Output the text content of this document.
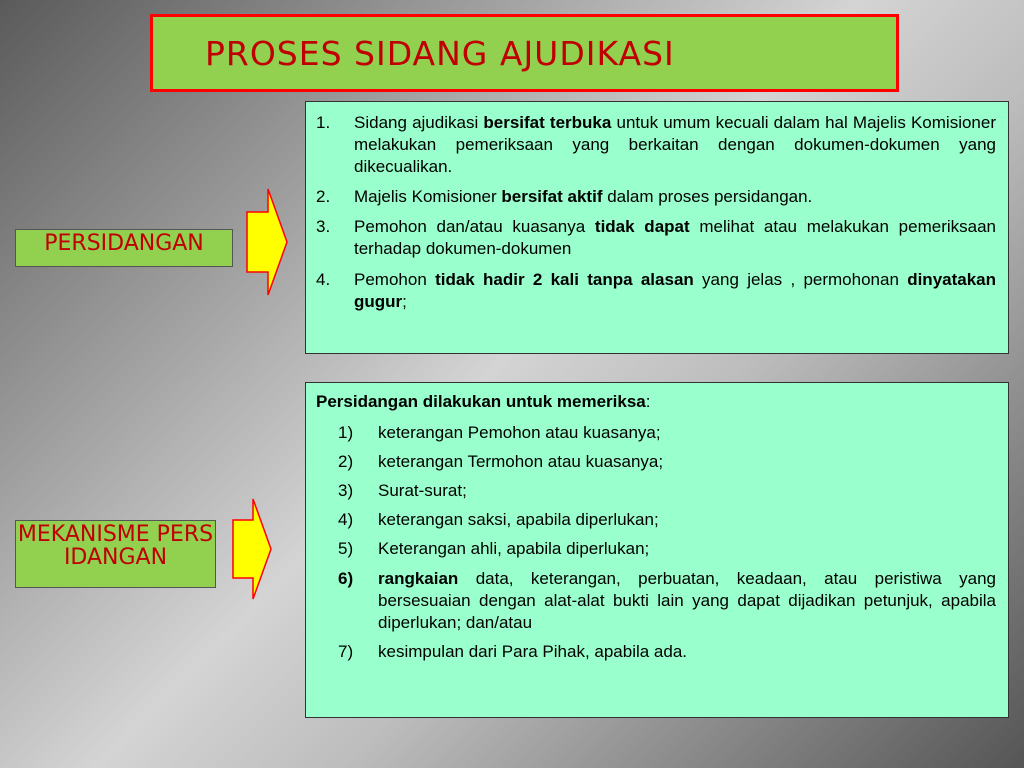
PROSES SIDANG AJUDIKASI
PERSIDANGAN
1.	Sidang ajudikasi bersifat terbuka untuk umum kecuali dalam hal Majelis Komisioner melakukan pemeriksaan yang berkaitan dengan dokumen-dokumen yang dikecualikan.
2.	Majelis Komisioner bersifat aktif dalam proses persidangan.
3.	Pemohon dan/atau kuasanya tidak dapat melihat atau melakukan pemeriksaan terhadap dokumen-dokumen
4.	Pemohon tidak hadir 2 kali tanpa alasan yang jelas , permohonan dinyatakan gugur;
MEKANISME PERSIDANGAN
Persidangan dilakukan untuk memeriksa:
1)	keterangan Pemohon atau kuasanya;
2)	keterangan Termohon atau kuasanya;
3)	Surat-surat;
4)	keterangan saksi, apabila diperlukan;
5)	Keterangan ahli, apabila diperlukan;
6)	rangkaian data, keterangan, perbuatan, keadaan, atau peristiwa yang bersesuaian dengan alat-alat bukti lain yang dapat dijadikan petunjuk, apabila diperlukan; dan/atau
7)	kesimpulan dari Para Pihak, apabila ada.
